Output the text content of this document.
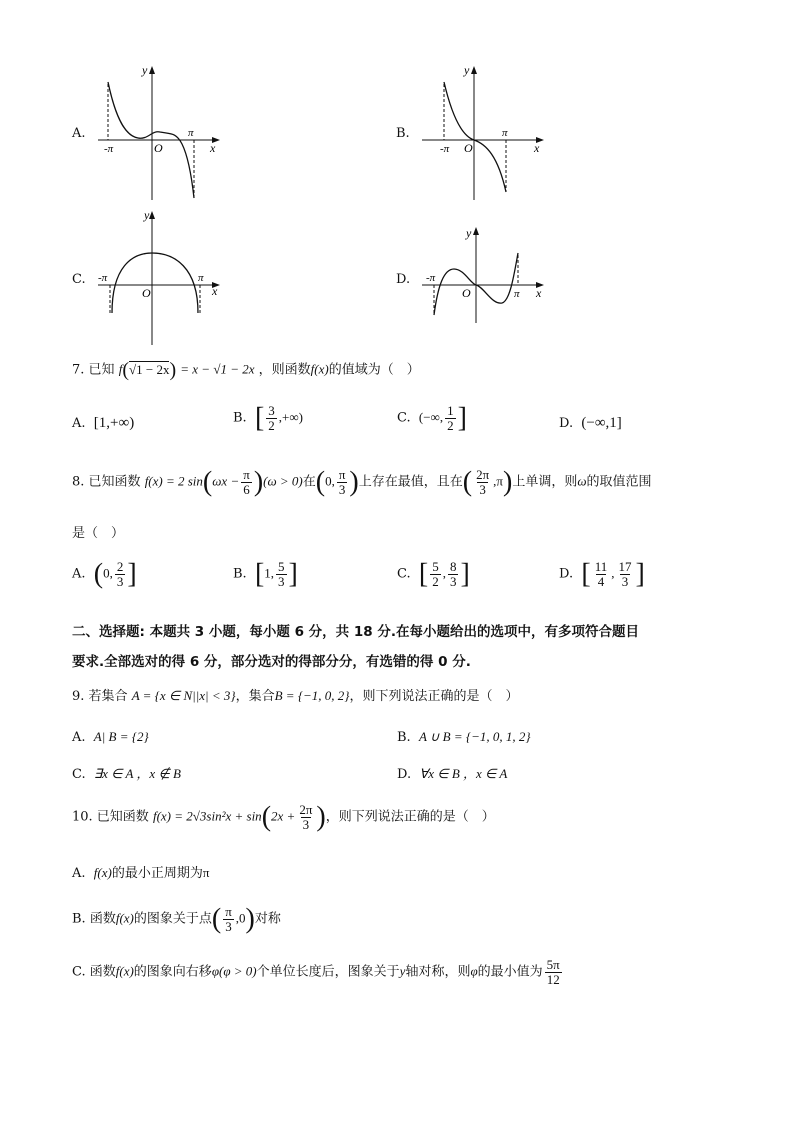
A.
-π
π
O	x
y
B.
-π
π
O	x
y
C. -π	π
O	x
y
D. -π
π
O	x
y
7. 已知 f(√1 − 2x) = x − √1 − 2x ，则函数f(x)的值域为（　）
A. [1,+∞)	B. [ $\frac{3}{2}$ ,+∞)	C. (−∞, $\frac{1}{2}$ ]	D. (−∞,1]
8. 已知函数 f(x) = 2 $\sin(\omega x - \frac{\pi}{6} )(\omega > 0)$在(0, $\frac{\pi}{3}$ )上存在最值，且在( $\frac{2\pi}{3} ,\pi$)上单调，则ω的取值范围
是（　）
A. (0, $\frac{2}{3}$ ]	B. [1, $\frac{5}{3}$ ]	C. [ $\frac{5}{2}$ , $\frac{8}{3}$ ]	D. [ $\frac{11}{4}$ , $\frac{17}{3}$ ]
二、选择题: 本题共 3 小题，每小题 6 分，共 18 分.在每小题给出的选项中，有多项符合题目
要求.全部选对的得 6 分，部分选对的得部分分，有选错的得 0 分.
9. 若集合 A = {x ∈ N||x| < 3}，集合B = {−1, 0, 2}，则下列说法正确的是（　）
A. A| B = {2}	B. A ∪ B = {−1, 0, 1, 2}
C. ∃x ∈ A ，x ∉ B	D. ∀x ∈ B ，x ∈ A
10. 已知函数 $f(x) = 2√3\sin^2x + \sin(2x + \frac{2\pi}{3}$ )，则下列说法正确的是（　）
A. f(x)的最小正周期为π
B. 函数f(x)的图象关于点( $\frac{\pi}{3} ,0$)对称
C. 函数f(x)的图象向右移φ(φ > 0)个单位长度后，图象关于y轴对称，则φ的最小值为 $\frac{5\pi}{12}$
